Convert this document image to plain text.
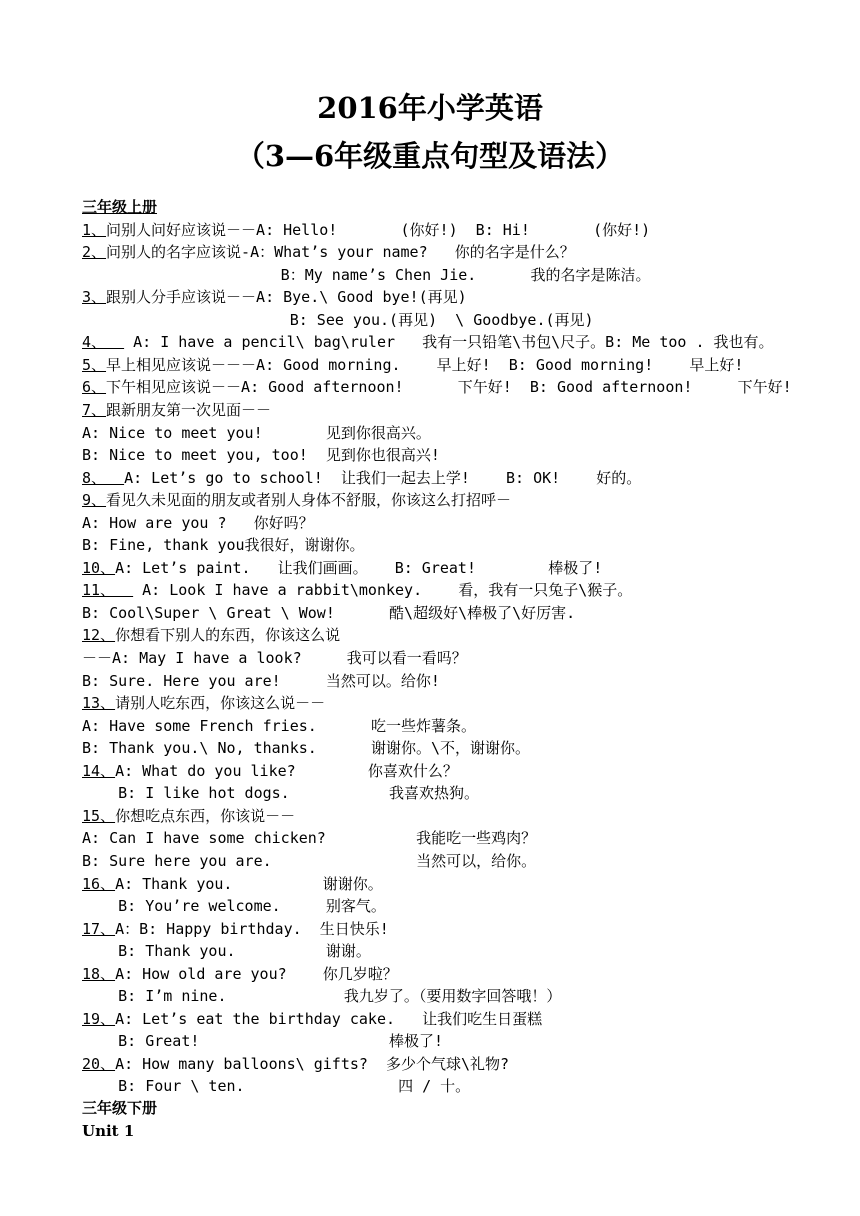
2016年小学英语
（3—6年级重点句型及语法）
三年级上册
1、问别人问好应该说－－A: Hello!       (你好!)  B: Hi!       (你好!)
2、问别人的名字应该说-A：What’s your name?   你的名字是什么？
B：My name’s Chen Jie.      我的名字是陈洁。
3、跟别人分手应该说－－A: Bye.\ Good bye!(再见)
B: See you.(再见)  \ Goodbye.(再见)
4、   A: I have a pencil\ bag\ruler   我有一只铅笔\书包\尺子。B: Me too . 我也有。
5、早上相见应该说－－－A: Good morning.    早上好!  B: Good morning!    早上好!
6、下午相见应该说－－A: Good afternoon!      下午好!  B: Good afternoon!     下午好!
7、跟新朋友第一次见面－－
A: Nice to meet you!       见到你很高兴。
B: Nice to meet you, too!  见到你也很高兴!
8、  A: Let’s go to school!  让我们一起去上学!    B: OK!    好的。
9、看见久未见面的朋友或者别人身体不舒服，你该这么打招呼－
A: How are you ?   你好吗？
B: Fine, thank you我很好，谢谢你。
10、A: Let’s paint.   让我们画画。   B: Great!        棒极了!
11、   A: Look I have a rabbit\monkey.    看，我有一只兔子\猴子。
B: Cool\Super \ Great \ Wow!      酷\超级好\棒极了\好厉害.
12、你想看下别人的东西，你该这么说
－－A: May I have a look?     我可以看一看吗？
B: Sure. Here you are!     当然可以。给你!
13、请别人吃东西，你该这么说－－
A: Have some French fries.      吃一些炸薯条。
B: Thank you.\ No, thanks.      谢谢你。\不，谢谢你。
14、A: What do you like?        你喜欢什么？
B: I like hot dogs.           我喜欢热狗。
15、你想吃点东西，你该说－－
A: Can I have some chicken?          我能吃一些鸡肉？
B: Sure here you are.                当然可以，给你。
16、A: Thank you.          谢谢你。
B: You’re welcome.     别客气。
17、A：B: Happy birthday.  生日快乐!
B: Thank you.          谢谢。
18、A: How old are you?    你几岁啦？
B: I’m nine.             我九岁了。（要用数字回答哦！）
19、A: Let’s eat the birthday cake.   让我们吃生日蛋糕
B: Great!                     棒极了!
20、A: How many balloons\ gifts?  多少个气球\礼物?
B: Four \ ten.                 四 / 十。
三年级下册
Unit 1
